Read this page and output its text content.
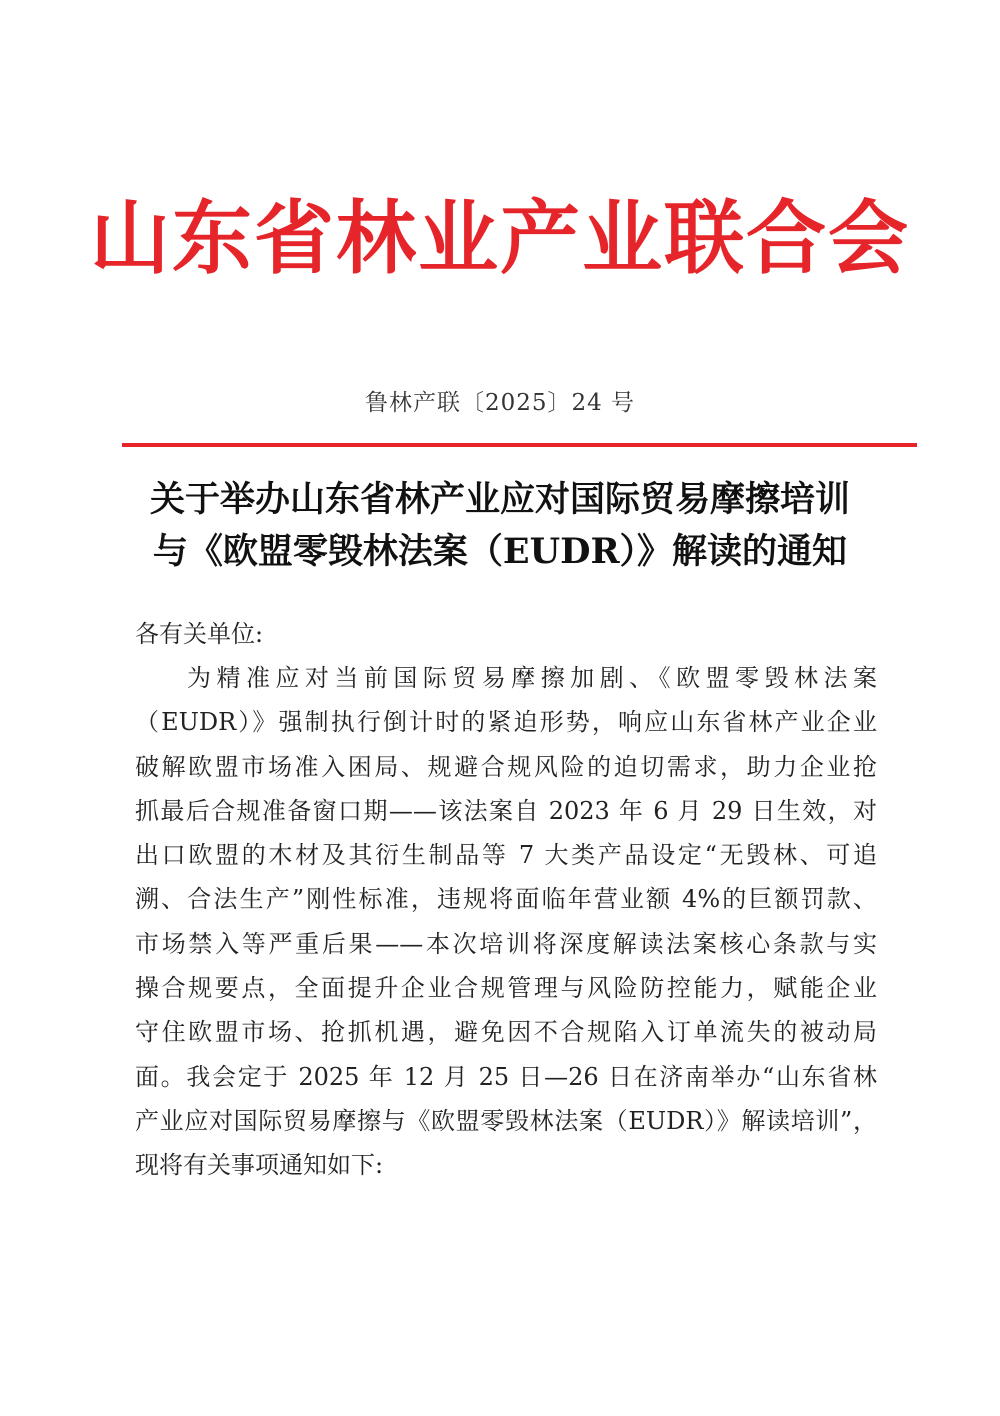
山东省林业产业联合会
鲁林产联〔2025〕24 号
关于举办山东省林产业应对国际贸易摩擦培训
与《欧盟零毁林法案（EUDR）》解读的通知
各有关单位:
为精准应对当前国际贸易摩擦加剧、《欧盟零毁林法案
（EUDR）》强制执行倒计时的紧迫形势，响应山东省林产业企业
破解欧盟市场准入困局、规避合规风险的迫切需求，助力企业抢
抓最后合规准备窗口期——该法案自 2023 年 6 月 29 日生效，对
出口欧盟的木材及其衍生制品等 7 大类产品设定“无毁林、可追
溯、合法生产”刚性标准，违规将面临年营业额 4%的巨额罚款、
市场禁入等严重后果——本次培训将深度解读法案核心条款与实
操合规要点，全面提升企业合规管理与风险防控能力，赋能企业
守住欧盟市场、抢抓机遇，避免因不合规陷入订单流失的被动局
面。我会定于 2025 年 12 月 25 日—26 日在济南举办“山东省林
产业应对国际贸易摩擦与《欧盟零毁林法案（EUDR）》解读培训”，
现将有关事项通知如下:
